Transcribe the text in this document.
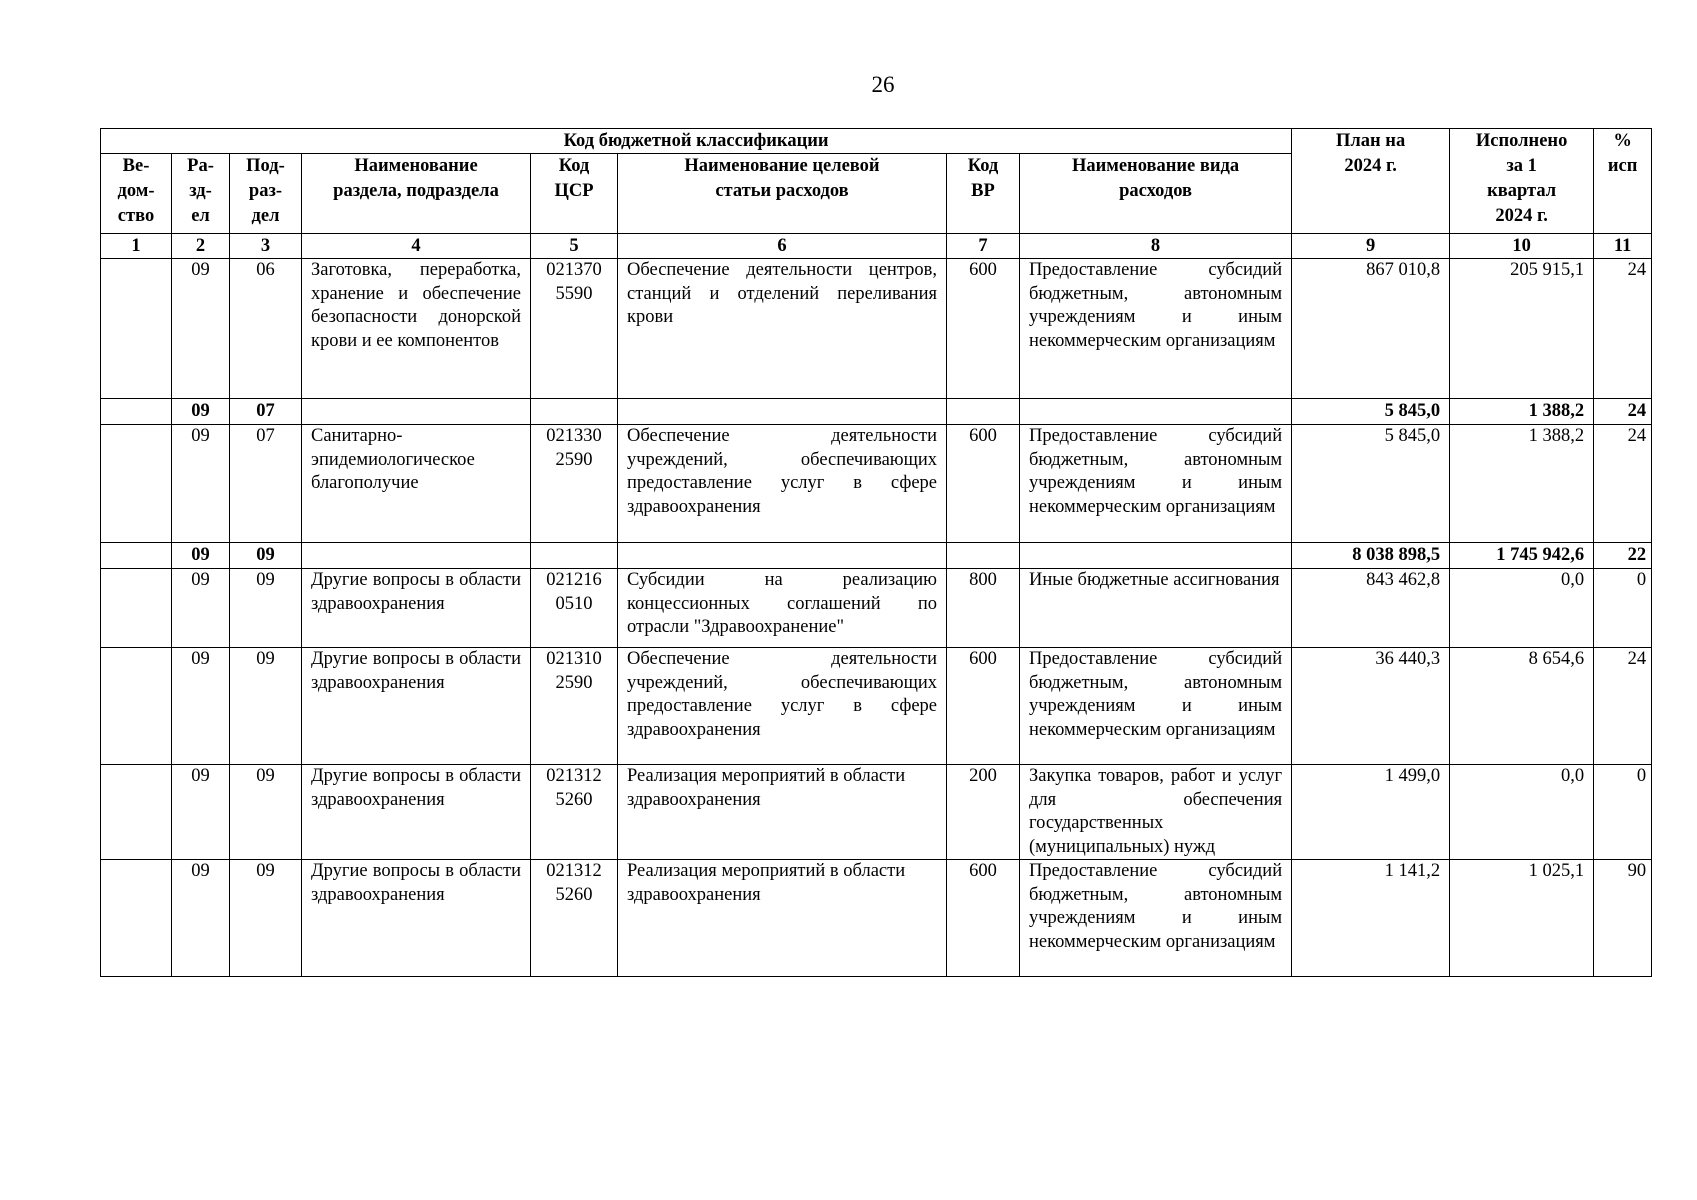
26
Код бюджетной классификации								План на 2024 г.	Исполнено за 1 квартал 2024 г.	% исп
Ве-дом-ство	Ра-зд-ел	Под-раз-дел	Наименование раздела, подраздела	Код ЦСР	Наименование целевой статьи расходов	Код ВР	Наименование вида расходов			
1	2	3	4	5	6	7	8	9	10	11
	09	06	Заготовка, переработка, хранение и обеспечение безопасности донорской крови и ее компонентов	021370 5590	Обеспечение деятельности центров, станций и отделений переливания крови	600	Предоставление субсидий бюджетным, автономным учреждениям и иным некоммерческим организациям	867 010,8	205 915,1	24
	09	07						5 845,0	1 388,2	24
	09	07	Санитарно-эпидемиологическое благополучие	021330 2590	Обеспечение деятельности учреждений, обеспечивающих предоставление услуг в сфере здравоохранения	600	Предоставление субсидий бюджетным, автономным учреждениям и иным некоммерческим организациям	5 845,0	1 388,2	24
	09	09						8 038 898,5	1 745 942,6	22
	09	09	Другие вопросы в области здравоохранения	021216 0510	Субсидии на реализацию концессионных соглашений по отрасли "Здравоохранение"	800	Иные бюджетные ассигнования	843 462,8	0,0	0
	09	09	Другие вопросы в области здравоохранения	021310 2590	Обеспечение деятельности учреждений, обеспечивающих предоставление услуг в сфере здравоохранения	600	Предоставление субсидий бюджетным, автономным учреждениям и иным некоммерческим организациям	36 440,3	8 654,6	24
	09	09	Другие вопросы в области здравоохранения	021312 5260	Реализация мероприятий в области здравоохранения	200	Закупка товаров, работ и услуг для обеспечения государственных (муниципальных) нужд	1 499,0	0,0	0
	09	09	Другие вопросы в области здравоохранения	021312 5260	Реализация мероприятий в области здравоохранения	600	Предоставление субсидий бюджетным, автономным учреждениям и иным некоммерческим организациям	1 141,2	1 025,1	90
